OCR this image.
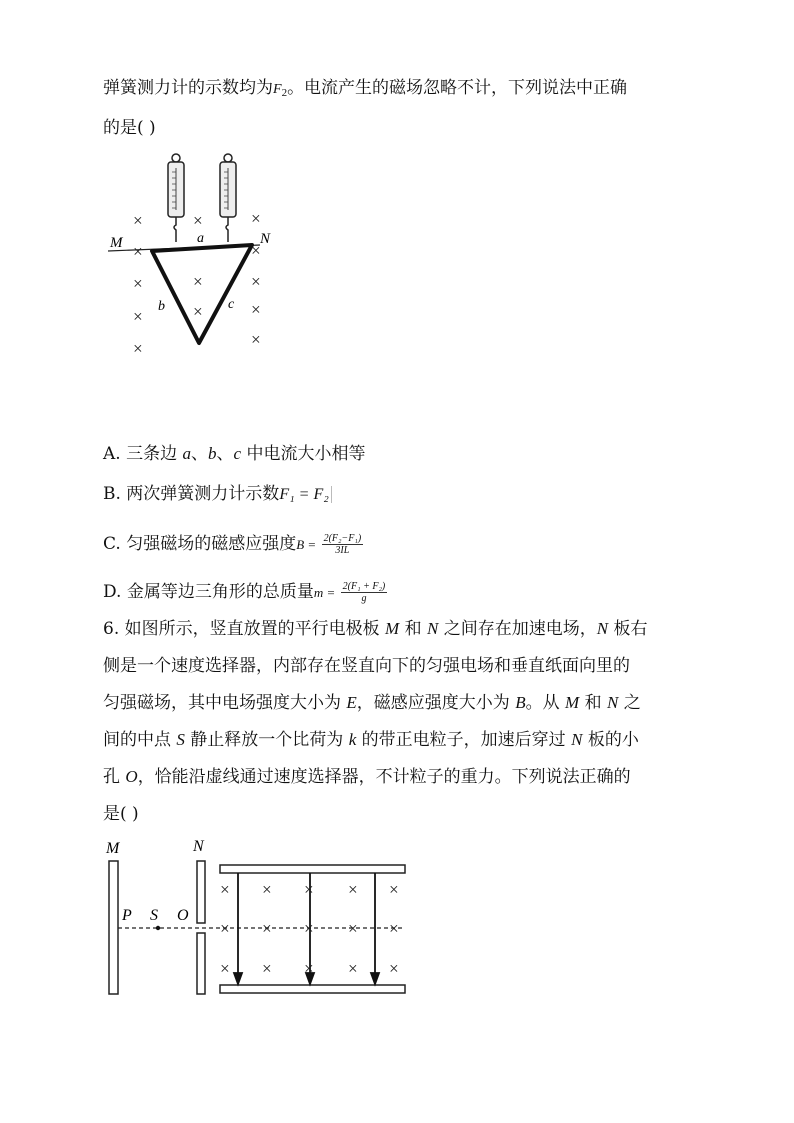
弹簧测力计的示数均为$F_2$。电流产生的磁场忽略不计，下列说法中正确
的是( )
M	N
a
b	c
×	×	×
×	×
×	×	×
×	×	×
×	×
A. 三条边 a、b、c 中电流大小相等
B. 两次弹簧测力计示数F₁ = F₂
C. 匀强磁场的磁感应强度$B = \frac{\text{2(F₂−F₁)}}{3IL}$
D. 金属等边三角形的总质量$m = \frac{\text{2(F₁ + F₂)}}{g}$
6. 如图所示，竖直放置的平行电极板 M 和 N 之间存在加速电场，N 板右
侧是一个速度选择器，内部存在竖直向下的匀强电场和垂直纸面向里的
匀强磁场，其中电场强度大小为 E，磁感应强度大小为 B。从 M 和 N 之
间的中点 S 静止释放一个比荷为 k 的带正电粒子，加速后穿过 N 板的小
孔 O，恰能沿虚线通过速度选择器，不计粒子的重力。下列说法正确的
是( )
M	N
P S O
× × × × ×
× × × × ×
× × × × ×
